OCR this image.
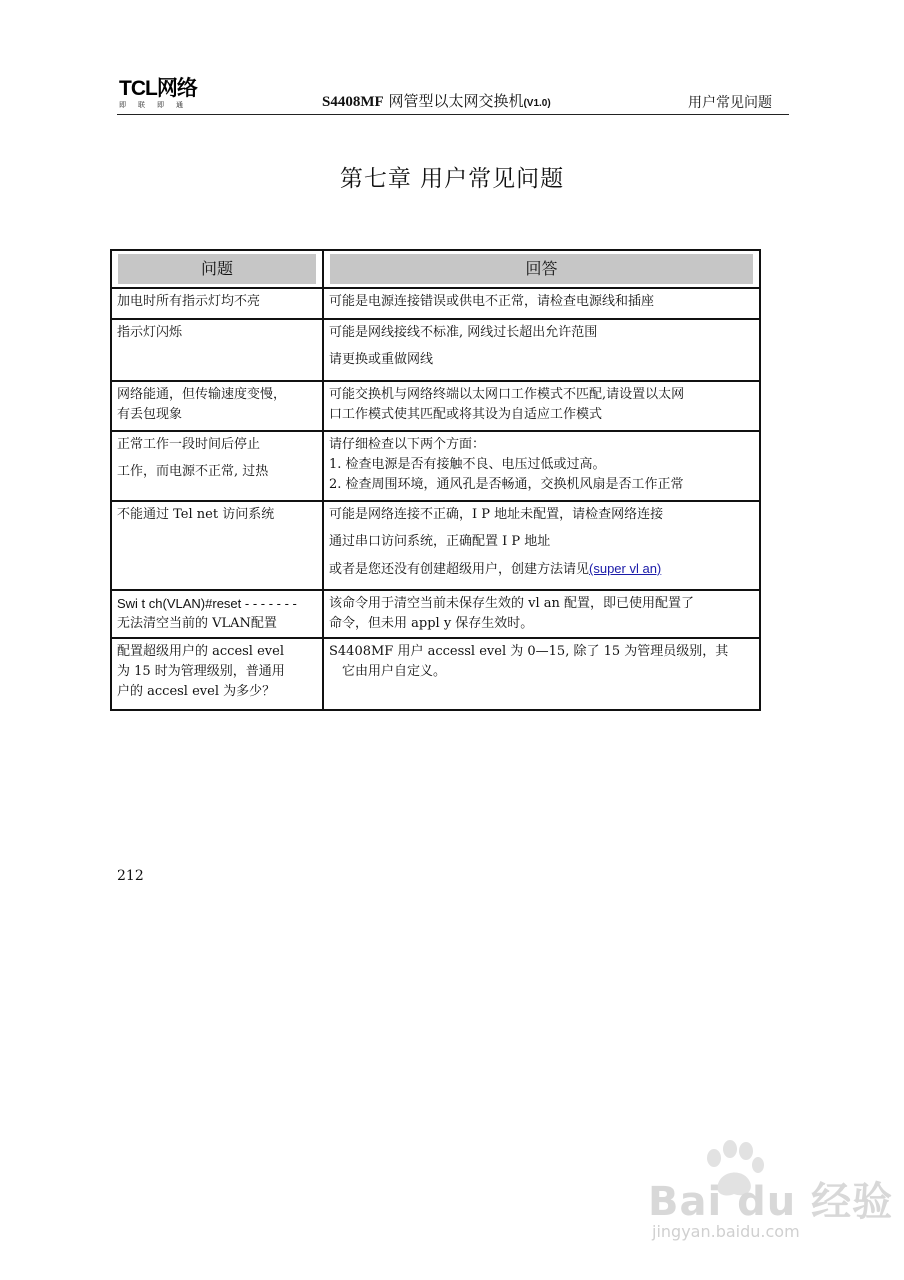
TCL网络
即联即通	S4408MF 网管型以太网交换机(V1.0)	用户常见问题
第七章 用户常见问题
问题	回答

加电时所有指示灯均不亮	可能是电源连接错误或供电不正常，请检查电源线和插座

指示灯闪烁	可能是网线接线不标准, 网线过长超出允许范围
请更换或重做网线

网络能通，但传输速度变慢，
有丢包现象	可能交换机与网络终端以太网口工作模式不匹配,请设置以太网
口工作模式使其匹配或将其设为自适应工作模式

正常工作一段时间后停止
工作，而电源不正常, 过热	请仔细检查以下两个方面：
1. 检查电源是否有接触不良、电压过低或过高。
2. 检查周围环境，通风孔是否畅通，交换机风扇是否工作正常

不能通过 Tel net 访问系统	可能是网络连接不正确，I P 地址未配置，请检查网络连接
通过串口访问系统，正确配置 I P 地址
或者是您还没有创建超级用户，创建方法请见(super vl an)

Swi t ch(VLAN)#reset - - - - - - -
无法清空当前的 VLAN配置	该命令用于清空当前未保存生效的 vl an 配置，即已使用配置了
命令，但未用 appl y 保存生效时。

配置超级用户的 accesl evel
为 15 时为管理级别，普通用
户的 accesl evel 为多少？	S4408MF 用户 accessl evel 为 0—15, 除了 15 为管理员级别，其
它由用户自定义。
212
Bai du 经验
jingyan.baidu.com
